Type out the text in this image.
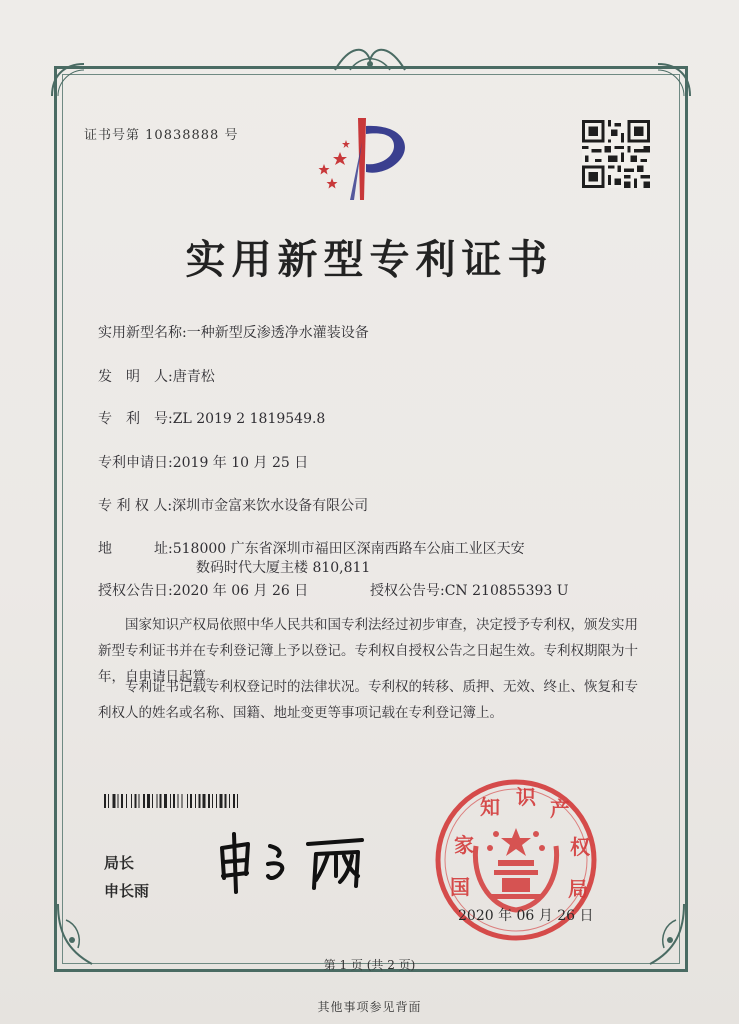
证书号第 10838888 号
实用新型专利证书
实用新型名称:一种新型反渗透净水灌装设备
发　明　人:唐青松
专　利　号:ZL 2019 2 1819549.8
专利申请日:2019 年 10 月 25 日
专 利 权 人:深圳市金富来饮水设备有限公司
地　　　址:518000 广东省深圳市福田区深南西路车公庙工业区天安
数码时代大厦主楼 810,811
授权公告日:2020 年 06 月 26 日	授权公告号:CN 210855393 U
国家知识产权局依照中华人民共和国专利法经过初步审查，决定授予专利权，颁发实用新型专利证书并在专利登记簿上予以登记。专利权自授权公告之日起生效。专利权期限为十年，自申请日起算。
专利证书记载专利权登记时的法律状况。专利权的转移、质押、无效、终止、恢复和专利权人的姓名或名称、国籍、地址变更等事项记载在专利登记簿上。
局长
申长雨	国 家 知 识 产 权 局
2020 年 06 月 26 日
第 1 页 (共 2 页)
其他事项参见背面
